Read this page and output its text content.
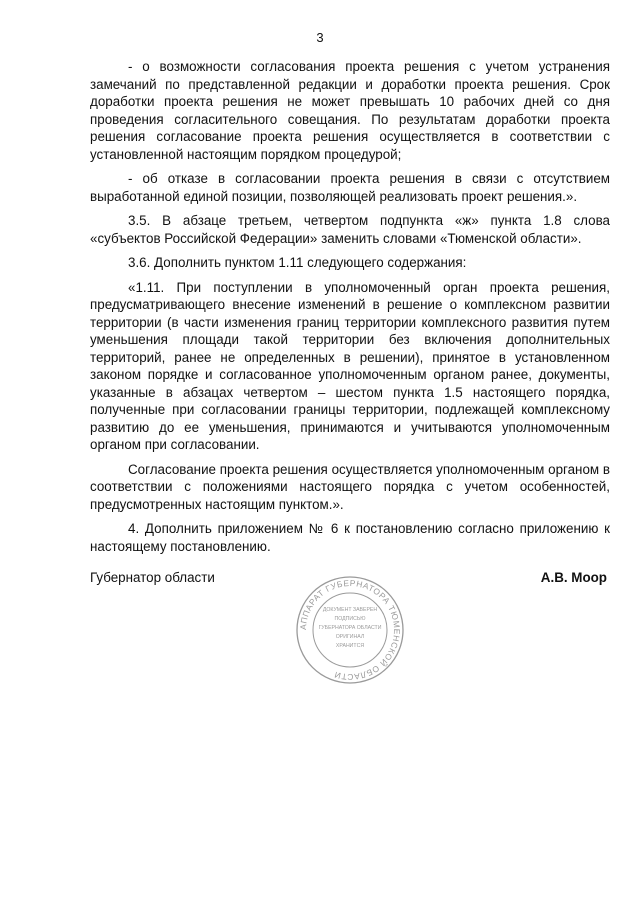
3

- о возможности согласования проекта решения с учетом устранения замечаний по представленной редакции и доработки проекта решения. Срок доработки проекта решения не может превышать 10 рабочих дней со дня проведения согласительного совещания. По результатам доработки проекта решения согласование проекта решения осуществляется в соответствии с установленной настоящим порядком процедурой;

- об отказе в согласовании проекта решения в связи с отсутствием выработанной единой позиции, позволяющей реализовать проект решения.».

3.5. В абзаце третьем, четвертом подпункта «ж» пункта 1.8 слова «субъектов Российской Федерации» заменить словами «Тюменской области».

3.6. Дополнить пунктом 1.11 следующего содержания:

«1.11. При поступлении в уполномоченный орган проекта решения, предусматривающего внесение изменений в решение о комплексном развитии территории (в части изменения границ территории комплексного развития путем уменьшения площади такой территории без включения дополнительных территорий, ранее не определенных в решении), принятое в установленном законом порядке и согласованное уполномоченным органом ранее, документы, указанные в абзацах четвертом – шестом пункта 1.5 настоящего порядка, полученные при согласовании границы территории, подлежащей комплексному развитию до ее уменьшения, принимаются и учитываются уполномоченным органом при согласовании.

Согласование проекта решения осуществляется уполномоченным органом в соответствии с положениями настоящего порядка с учетом особенностей, предусмотренных настоящим пунктом.».

4. Дополнить приложением № 6 к постановлению согласно приложению к настоящему постановлению.

Губернатор области	А.В. Моор
АППАРАТ ГУБЕРНАТОРА ТЮМЕНСКОЙ ОБЛАСТИ
ДОКУМЕНТ ЗАВЕРЕН
ПОДПИСЬЮ
ГУБЕРНАТОРА ОБЛАСТИ
ОРИГИНАЛ
ХРАНИТСЯ
